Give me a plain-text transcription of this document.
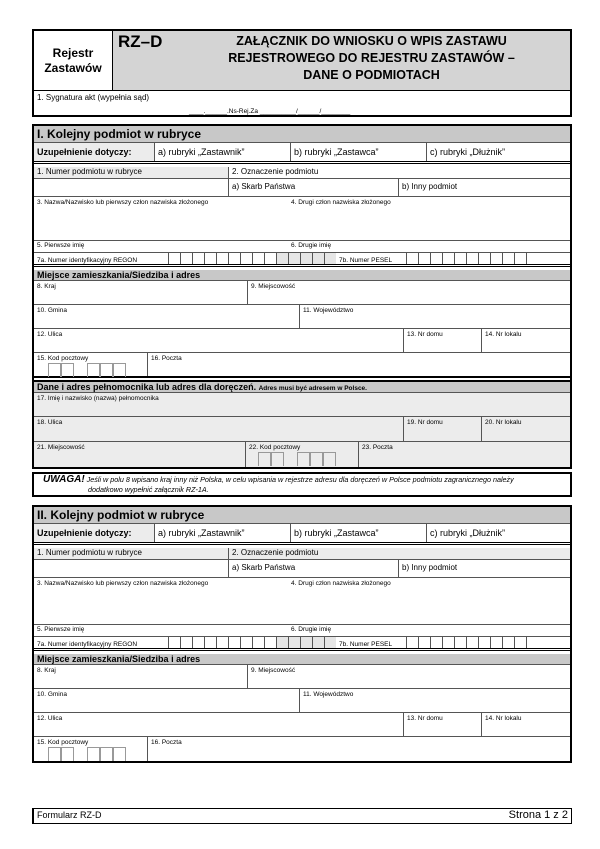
Rejestr
Zastawów
RZ–D	ZAŁĄCZNIK DO WNIOSKU O WPIS ZASTAWU
REJESTROWEGO DO REJESTRU ZASTAWÓW –
DANE O PODMIOTACH
1. Sygnatura akt (wypełnia sąd)
____.______.Ns-Rej.Za __________/______/________
I. Kolejny podmiot w rubryce
Uzupełnienie dotyczy:	a) rubryki „Zastawnik”	b) rubryki „Zastawca”	c) rubryki „Dłużnik”
1. Numer podmiotu w rubryce	2. Oznaczenie podmiotu
a) Skarb Państwa	b) Inny podmiot
3. Nazwa/Nazwisko lub pierwszy człon nazwiska złożonego	4. Drugi człon nazwiska złożonego
5. Pierwsze imię	6. Drugie imię
7a. Numer identyfikacyjny REGON	7b. Numer PESEL
Miejsce zamieszkania/Siedziba i adres
8. Kraj	9. Miejscowość
10. Gmina	11. Województwo
12. Ulica	13. Nr domu	14. Nr lokalu
15. Kod pocztowy	16. Poczta
Dane i adres pełnomocnika lub adres dla doręczeń. Adres musi być adresem w Polsce.
17. Imię i nazwisko (nazwa) pełnomocnika
18. Ulica	19. Nr domu	20. Nr lokalu
21. Miejscowość	22. Kod pocztowy	23. Poczta
UWAGA! Jeśli w polu 8 wpisano kraj inny niż Polska, w celu wpisania w rejestrze adresu dla doręczeń w Polsce podmiotu zagranicznego należy
dodatkowo wypełnić załącznik RZ-1A.
II. Kolejny podmiot w rubryce
Uzupełnienie dotyczy:	a) rubryki „Zastawnik”	b) rubryki „Zastawca”	c) rubryki „Dłużnik”
1. Numer podmiotu w rubryce	2. Oznaczenie podmiotu
a) Skarb Państwa	b) Inny podmiot
3. Nazwa/Nazwisko lub pierwszy człon nazwiska złożonego	4. Drugi człon nazwiska złożonego
5. Pierwsze imię	6. Drugie imię
7a. Numer identyfikacyjny REGON	7b. Numer PESEL
Miejsce zamieszkania/Siedziba i adres
8. Kraj	9. Miejscowość
10. Gmina	11. Województwo
12. Ulica	13. Nr domu	14. Nr lokalu
15. Kod pocztowy	16. Poczta
Formularz RZ-D	Strona 1 z 2
